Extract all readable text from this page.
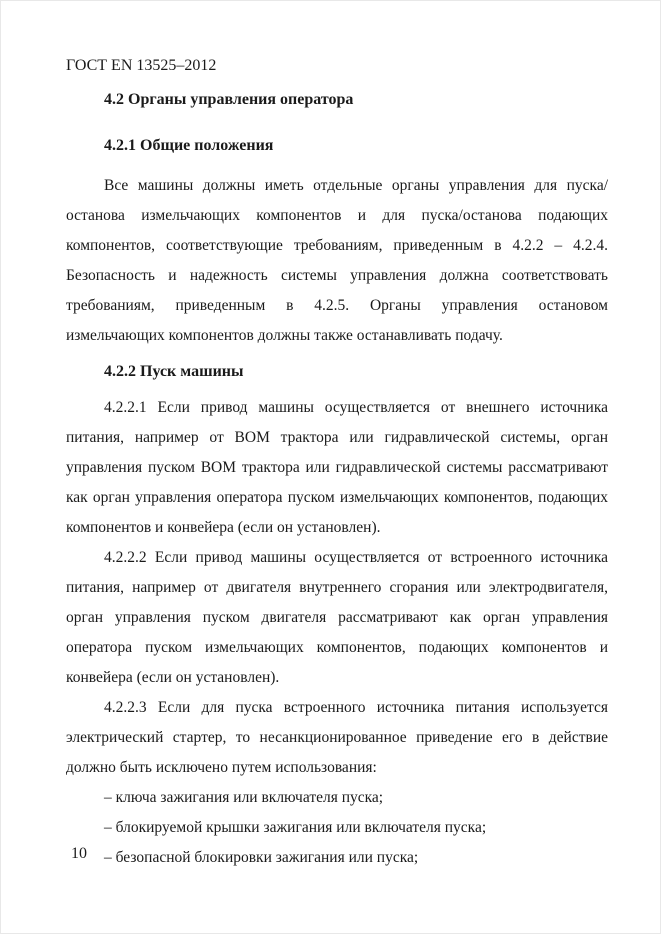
ГОСТ EN 13525–2012

4.2 Органы управления оператора

4.2.1 Общие положения

Все машины должны иметь отдельные органы управления для пуска/останова измельчающих компонентов и для пуска/останова подающих компонентов, соответствующие требованиям, приведенным в 4.2.2 – 4.2.4. Безопасность и надежность системы управления должна соответствовать требованиям, приведенным в 4.2.5. Органы управления остановом измельчающих компонентов должны также останавливать подачу.

4.2.2 Пуск машины

4.2.2.1 Если привод машины осуществляется от внешнего источника питания, например от ВОМ трактора или гидравлической системы, орган управления пуском ВОМ трактора или гидравлической системы рассматривают как орган управления оператора пуском измельчающих компонентов, подающих компонентов и конвейера (если он установлен).

4.2.2.2 Если привод машины осуществляется от встроенного источника питания, например от двигателя внутреннего сгорания или электродвигателя, орган управления пуском двигателя рассматривают как орган управления оператора пуском измельчающих компонентов, подающих компонентов и конвейера (если он установлен).

4.2.2.3 Если для пуска встроенного источника питания используется электрический стартер, то несанкционированное приведение его в действие должно быть исключено путем использования:

– ключа зажигания или включателя пуска;

– блокируемой крышки зажигания или включателя пуска;

– безопасной блокировки зажигания или пуска;

10
